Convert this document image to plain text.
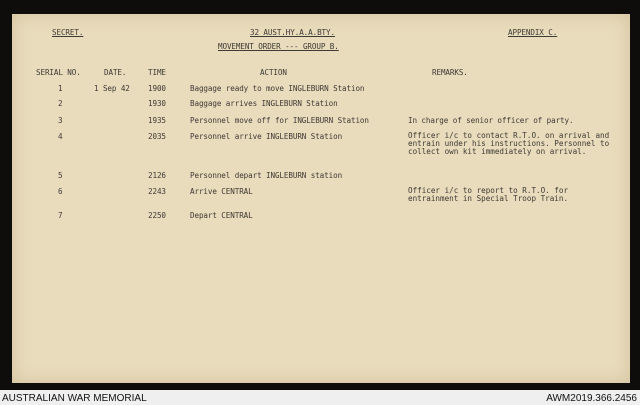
SECRET.	32 AUST.HY.A.A.BTY.	APPENDIX C.
MOVEMENT ORDER --- GROUP B.
SERIAL NO.	DATE.	TIME	ACTION	REMARKS.
1	1 Sep 42 1900	Baggage ready to move INGLEBURN Station
2	1930	Baggage arrives INGLEBURN Station
3	1935	Personnel move off for INGLEBURN Station	In charge of senior officer of party.
4	2035	Personnel arrive INGLEBURN Station	Officer i/c to contact R.T.O. on arrival and entrain under his instructions. Personnel to collect own kit immediately on arrival.
5	2126	Personnel depart INGLEBURN station
6	2243	Arrive CENTRAL	Officer i/c to report to R.T.O. for entrainment in Special Troop Train.
7	2250	Depart CENTRAL
AUSTRALIAN WAR MEMORIAL	AWM2019.366.2456
